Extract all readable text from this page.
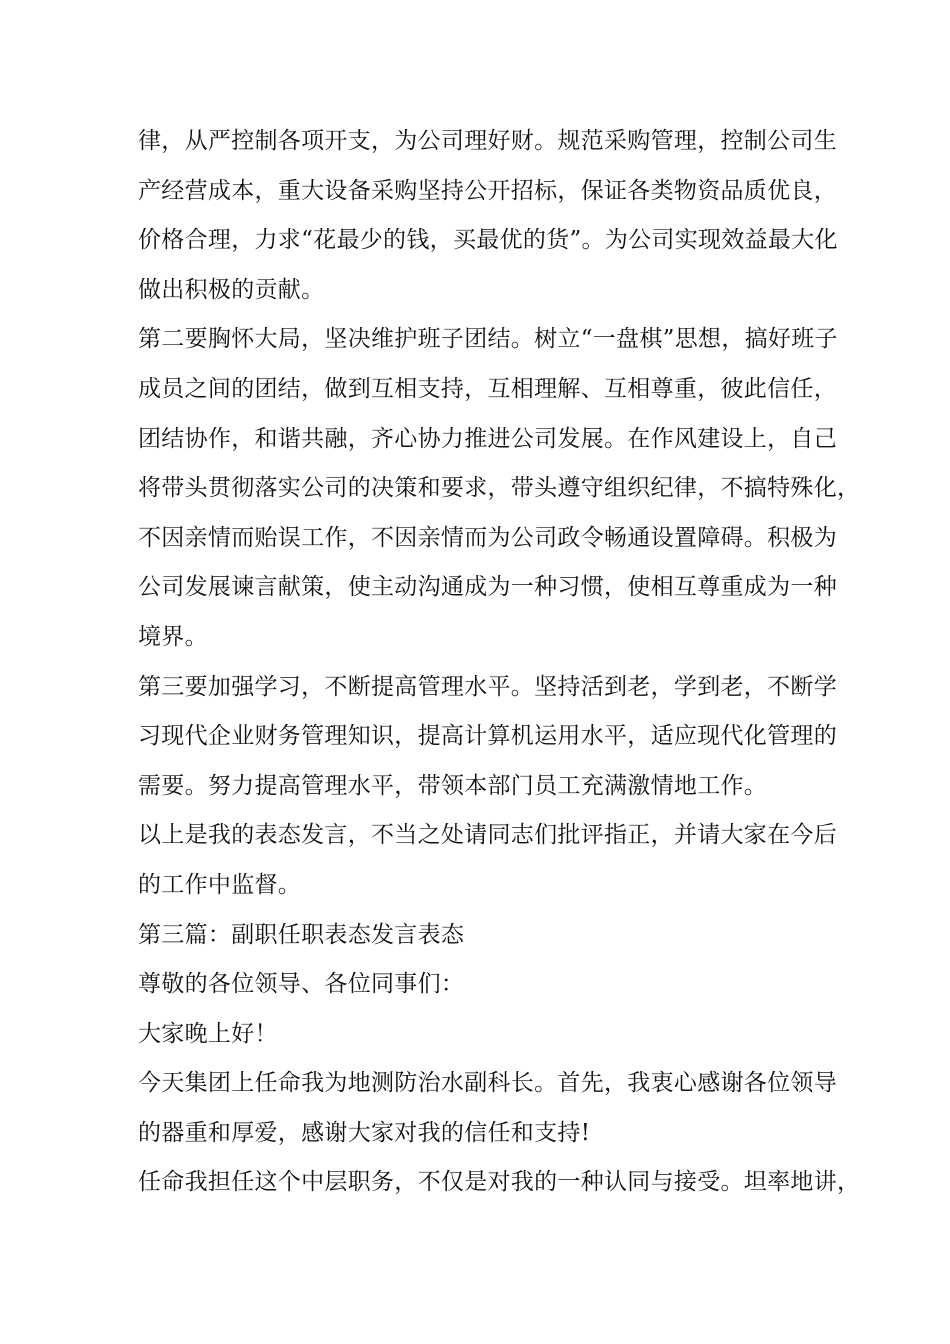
律，从严控制各项开支，为公司理好财。规范采购管理，控制公司生
产经营成本，重大设备采购坚持公开招标，保证各类物资品质优良，
价格合理，力求“花最少的钱，买最优的货”。为公司实现效益最大化
做出积极的贡献。
第二要胸怀大局，坚决维护班子团结。树立“一盘棋”思想，搞好班子
成员之间的团结，做到互相支持，互相理解、互相尊重，彼此信任，
团结协作，和谐共融，齐心协力推进公司发展。在作风建设上，自己
将带头贯彻落实公司的决策和要求，带头遵守组织纪律，不搞特殊化，
不因亲情而贻误工作，不因亲情而为公司政令畅通设置障碍。积极为
公司发展谏言献策，使主动沟通成为一种习惯，使相互尊重成为一种
境界。
第三要加强学习，不断提高管理水平。坚持活到老，学到老，不断学
习现代企业财务管理知识，提高计算机运用水平，适应现代化管理的
需要。努力提高管理水平，带领本部门员工充满激情地工作。
以上是我的表态发言，不当之处请同志们批评指正，并请大家在今后
的工作中监督。
第三篇：副职任职表态发言表态
尊敬的各位领导、各位同事们：
大家晚上好！
今天集团上任命我为地测防治水副科长。首先，我衷心感谢各位领导
的器重和厚爱，感谢大家对我的信任和支持!
任命我担任这个中层职务，不仅是对我的一种认同与接受。坦率地讲，
